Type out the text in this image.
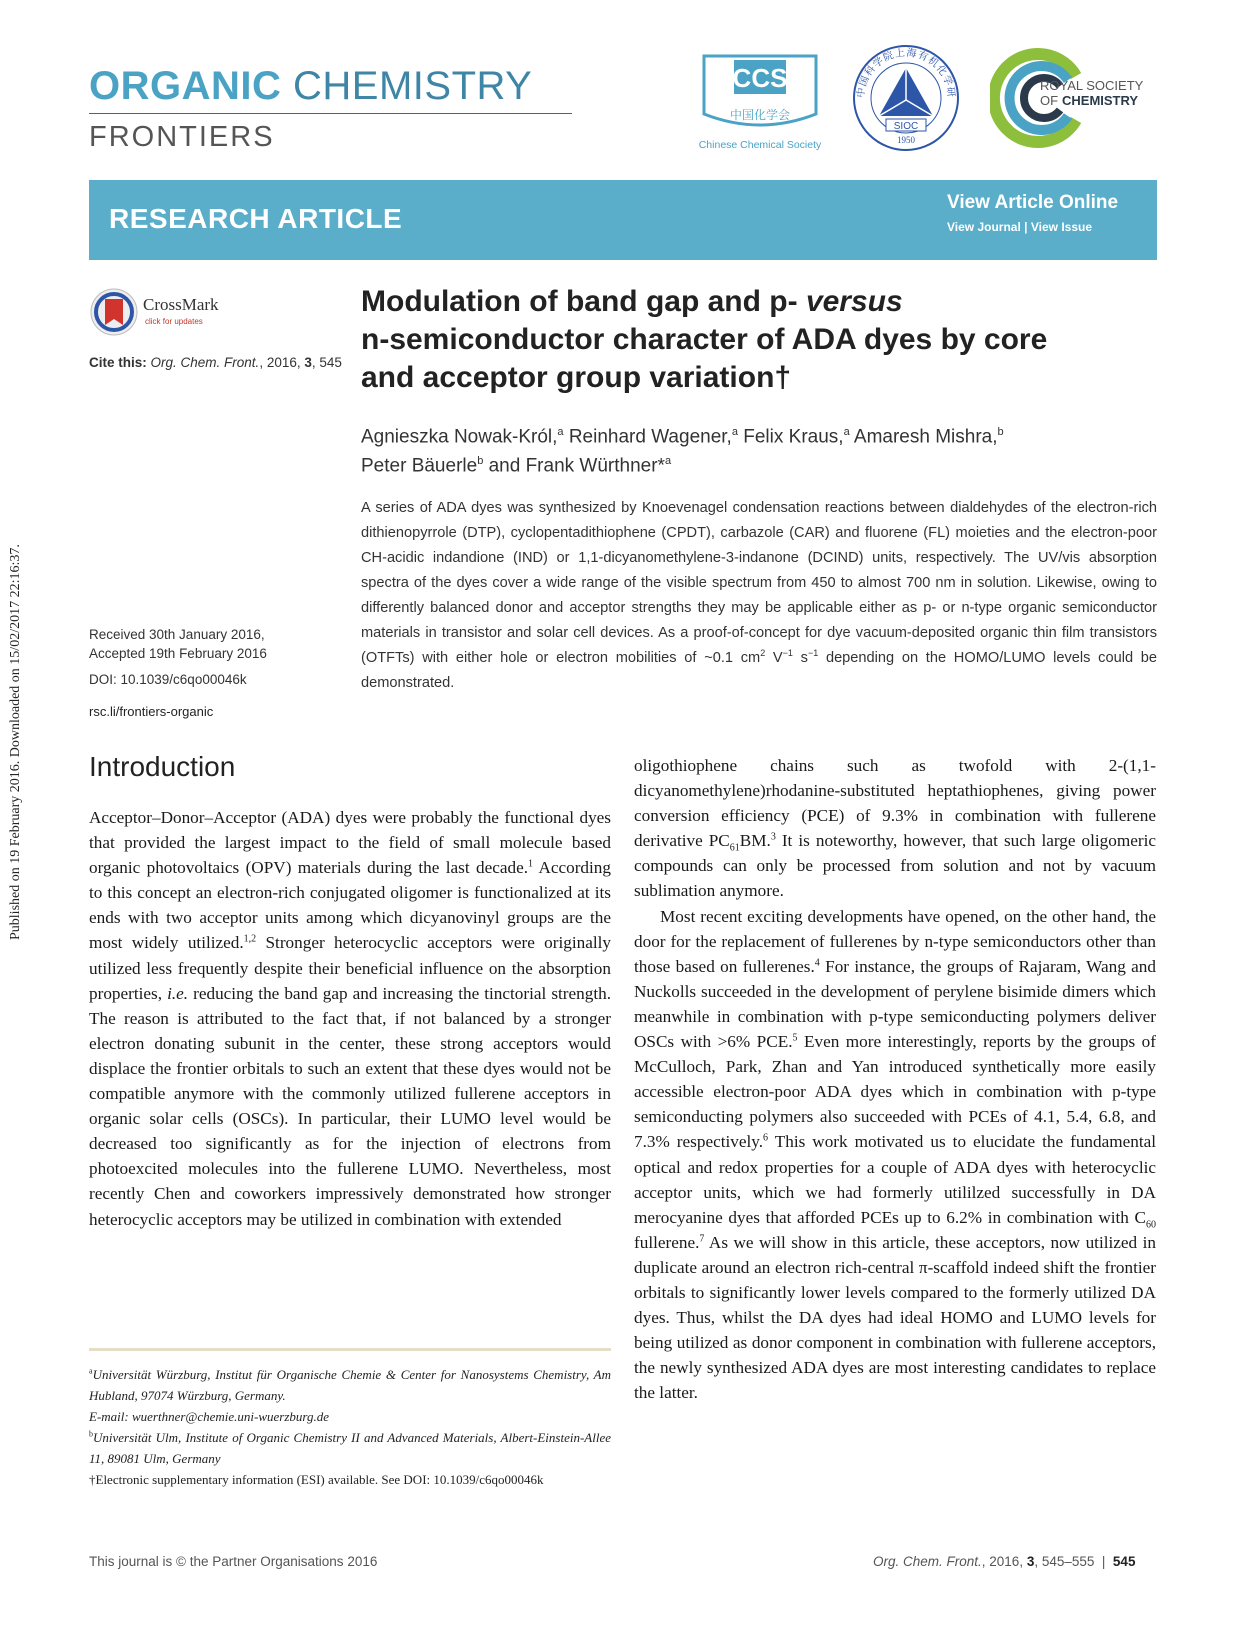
Published on 19 February 2016. Downloaded on 15/02/2017 22:16:37.
ORGANIC CHEMISTRY
FRONTIERS
CCS
中国化学会
Chinese Chemical Society
中国科学院上海有机化学研
SIOC
1950
ROYAL SOCIETY
OF CHEMISTRY
RESEARCH ARTICLE
View Article Online
View Journal | View Issue
CrossMark
click for updates
Cite this: Org. Chem. Front., 2016, 3, 545
Received 30th January 2016,
Accepted 19th February 2016
DOI: 10.1039/c6qo00046k
rsc.li/frontiers-organic
Modulation of band gap and p- versus
n-semiconductor character of ADA dyes by core and acceptor group variation†
Agnieszka Nowak-Król,$^a$ Reinhard Wagener,$^a$ Felix Kraus,$^a$ Amaresh Mishra,$^b$
Peter Bäuerle$^b$ and Frank Würthner*$^a$
A series of ADA dyes was synthesized by Knoevenagel condensation reactions between dialdehydes of the electron-rich dithienopyrrole (DTP), cyclopentadithiophene (CPDT), carbazole (CAR) and fluorene (FL) moieties and the electron-poor CH-acidic indandione (IND) or 1,1-dicyanomethylene-3-indanone (DCIND) units, respectively. The UV/vis absorption spectra of the dyes cover a wide range of the visible spectrum from 450 to almost 700 nm in solution. Likewise, owing to differently balanced donor and acceptor strengths they may be applicable either as p- or n-type organic semiconductor materials in transistor and solar cell devices. As a proof-of-concept for dye vacuum-deposited organic thin film transistors (OTFTs) with either hole or electron mobilities of ~0.1 $cm^2$ $V^{-1}$ $s^{-1}$ depending on the HOMO/LUMO levels could be demonstrated.
Introduction

Acceptor–Donor–Acceptor (ADA) dyes were probably the functional dyes that provided the largest impact to the field of small molecule based organic photovoltaics (OPV) materials during the last decade.$^1$ According to this concept an electron-rich conjugated oligomer is functionalized at its ends with two acceptor units among which dicyanovinyl groups are the most widely utilized.$^{1,2}$ Stronger heterocyclic acceptors were originally utilized less frequently despite their beneficial influence on the absorption properties, i.e. reducing the band gap and increasing the tinctorial strength. The reason is attributed to the fact that, if not balanced by a stronger electron donating subunit in the center, these strong acceptors would displace the frontier orbitals to such an extent that these dyes would not be compatible anymore with the commonly utilized fullerene acceptors in organic solar cells (OSCs). In particular, their LUMO level would be decreased too significantly as for the injection of electrons from photoexcited molecules into the fullerene LUMO. Nevertheless, most recently Chen and coworkers impressively demonstrated how stronger heterocyclic acceptors may be utilized in combination with extended

oligothiophene chains such as twofold with 2-(1,1-dicyanomethylene)rhodanine-substituted heptathiophenes, giving power conversion efficiency (PCE) of 9.3% in combination with fullerene derivative $PC_{61}BM.^3$ It is noteworthy, however, that such large oligomeric compounds can only be processed from solution and not by vacuum sublimation anymore.

Most recent exciting developments have opened, on the other hand, the door for the replacement of fullerenes by n-type semiconductors other than those based on fullerenes.$^4$ For instance, the groups of Rajaram, Wang and Nuckolls succeeded in the development of perylene bisimide dimers which meanwhile in combination with p-type semiconducting polymers deliver OSCs with >6% PCE.$^5$ Even more interestingly, reports by the groups of McCulloch, Park, Zhan and Yan introduced synthetically more easily accessible electron-poor ADA dyes which in combination with p-type semiconducting polymers also succeeded with PCEs of 4.1, 5.4, 6.8, and 7.3% respectively.$^6$ This work motivated us to elucidate the fundamental optical and redox properties for a couple of ADA dyes with heterocyclic acceptor units, which we had formerly utililzed successfully in DA merocyanine dyes that afforded PCEs up to 6.2% in combination with $C_{60}$ fullerene.$^7$ As we will show in this article, these acceptors, now utilized in duplicate around an electron rich-central π-scaffold indeed shift the frontier orbitals to significantly lower levels compared to the formerly utilized DA dyes. Thus, whilst the DA dyes had ideal HOMO and LUMO levels for being utilized as donor component in combination with fullerene acceptors, the newly synthesized ADA dyes are most interesting candidates to replace the latter.

$^a$Universität Würzburg, Institut für Organische Chemie & Center for Nanosystems Chemistry, Am Hubland, 97074 Würzburg, Germany.

E-mail: wuerthner@chemie.uni-wuerzburg.de

$^b$Universität Ulm, Institute of Organic Chemistry II and Advanced Materials, Albert-Einstein-Allee 11, 89081 Ulm, Germany

†Electronic supplementary information (ESI) available. See DOI: 10.1039/c6qo00046k

This journal is © the Partner Organisations 2016	Org. Chem. Front., 2016, 3, 545–555  |  545
